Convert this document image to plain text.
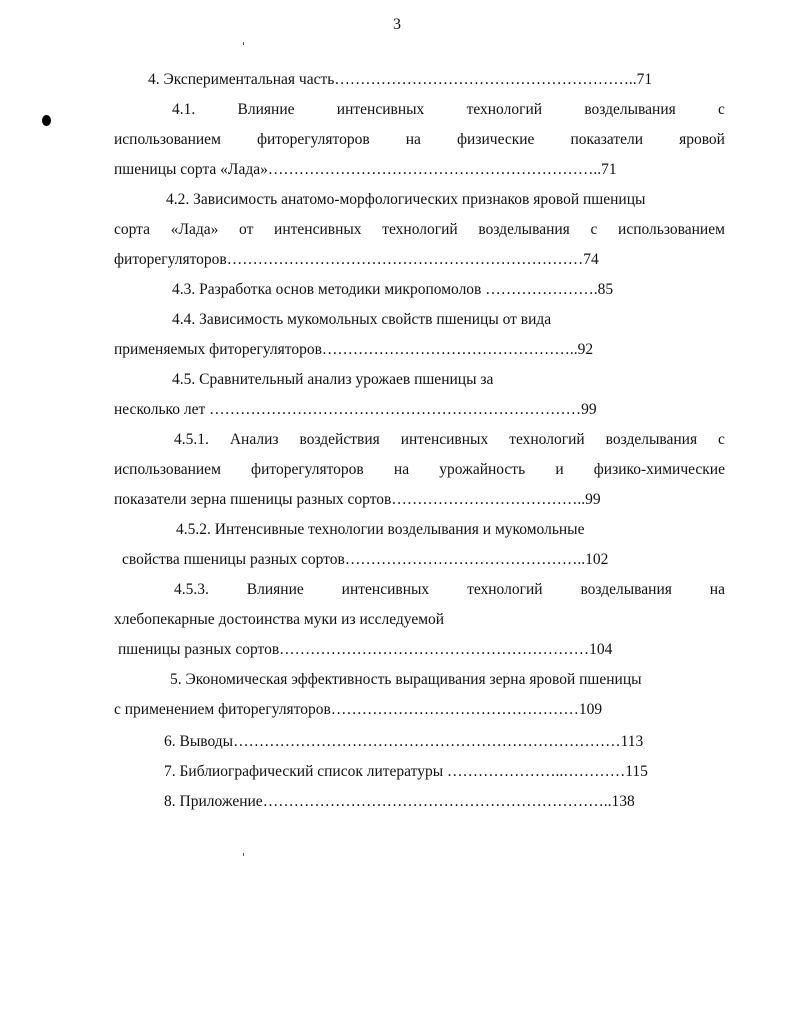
3
4. Экспериментальная часть…………………………………………………..71
4.1.	Влияние	интенсивных	технологий	возделывания	с
использованием фиторегуляторов на физические показатели яровой
пшеницы сорта «Лада»………………………………………………………..71
4.2. Зависимость анатомо-морфологических признаков яровой пшеницы
сорта «Лада» от интенсивных технологий возделывания с использованием
фиторегуляторов……………………………………………………………74
4.3. Разработка основ методики микропомолов ………………….85
4.4. Зависимость мукомольных свойств пшеницы от вида
применяемых фиторегуляторов…………………………………………..92
4.5. Сравнительный анализ урожаев пшеницы за
несколько лет ………………………………………………………………99
4.5.1. Анализ воздействия интенсивных технологий возделывания с
использованием фиторегуляторов на урожайность и физико-химические
показатели зерна пшеницы разных сортов………………………………..99
4.5.2. Интенсивные технологии возделывания и мукомольные
свойства пшеницы разных сортов………………………………………..102
4.5.3. Влияние интенсивных технологий возделывания на
хлебопекарные достоинства муки из исследуемой
пшеницы разных сортов……………………………………………………104
5. Экономическая эффективность выращивания зерна яровой пшеницы
с применением фиторегуляторов…………………………………………109
6. Выводы…………………………………………………………………113
7. Библиографический список литературы …………………..…………115
8. Приложение…………………………………………………………..138
